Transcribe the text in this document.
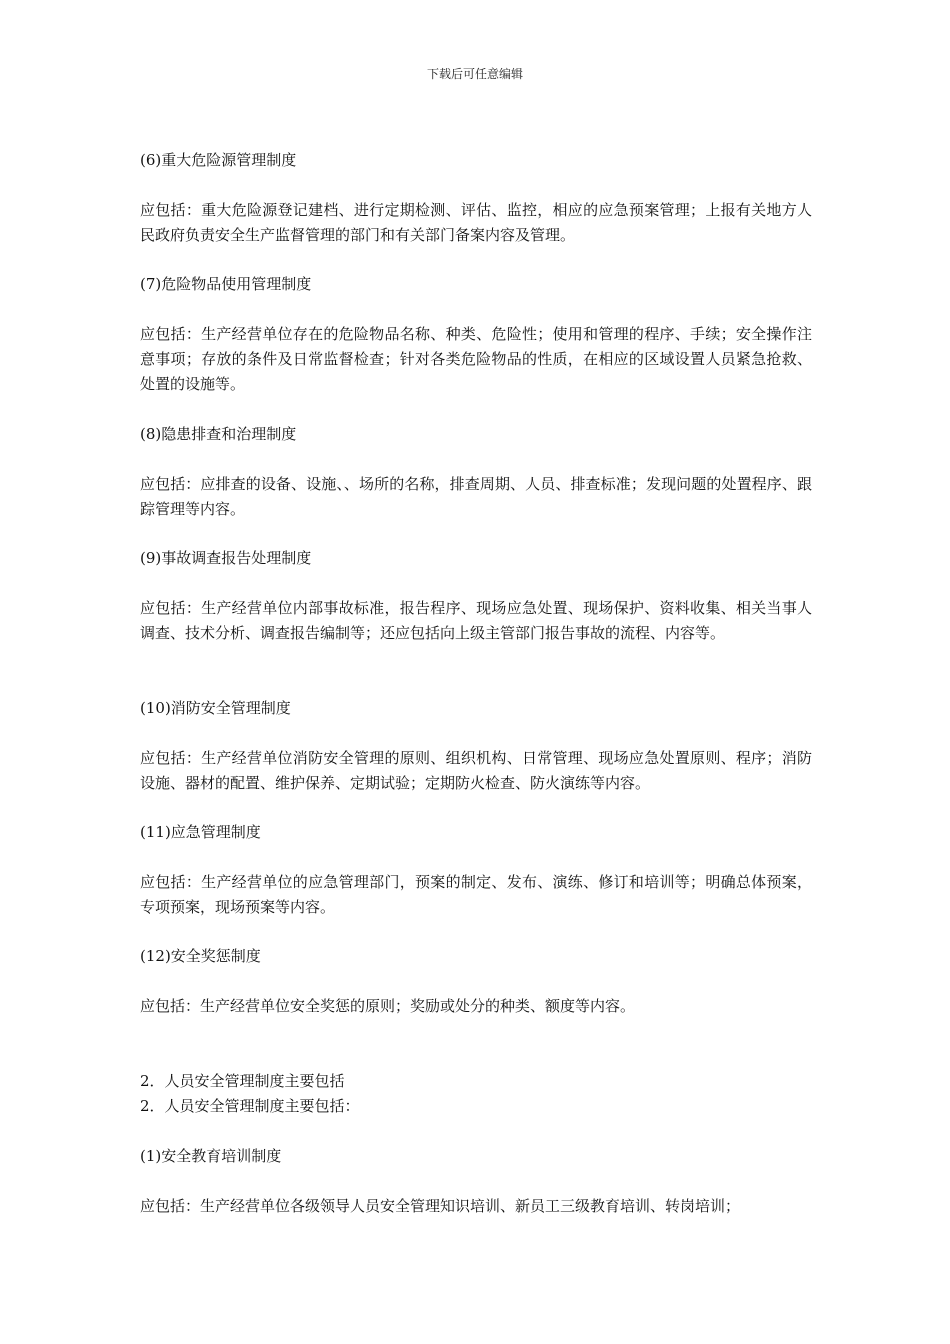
下载后可任意编辑
(6)重大危险源管理制度
应包括：重大危险源登记建档、进行定期检测、评估、监控，相应的应急预案管理；上报有关地方人民政府负责安全生产监督管理的部门和有关部门备案内容及管理。
(7)危险物品使用管理制度
应包括：生产经营单位存在的危险物品名称、种类、危险性；使用和管理的程序、手续；安全操作注意事项；存放的条件及日常监督检查；针对各类危险物品的性质，在相应的区域设置人员紧急抢救、处置的设施等。
(8)隐患排查和治理制度
应包括：应排查的设备、设施、、场所的名称，排查周期、人员、排查标准；发现问题的处置程序、跟踪管理等内容。
(9)事故调查报告处理制度
应包括：生产经营单位内部事故标准，报告程序、现场应急处置、现场保护、资料收集、相关当事人调查、技术分析、调查报告编制等；还应包括向上级主管部门报告事故的流程、内容等。
(10)消防安全管理制度
应包括：生产经营单位消防安全管理的原则、组织机构、日常管理、现场应急处置原则、程序；消防设施、器材的配置、维护保养、定期试验；定期防火检查、防火演练等内容。
(11)应急管理制度
应包括：生产经营单位的应急管理部门，预案的制定、发布、演练、修订和培训等；明确总体预案，专项预案，现场预案等内容。
(12)安全奖惩制度
应包括：生产经营单位安全奖惩的原则；奖励或处分的种类、额度等内容。
2．人员安全管理制度主要包括
2．人员安全管理制度主要包括：
(1)安全教育培训制度
应包括：生产经营单位各级领导人员安全管理知识培训、新员工三级教育培训、转岗培训；
